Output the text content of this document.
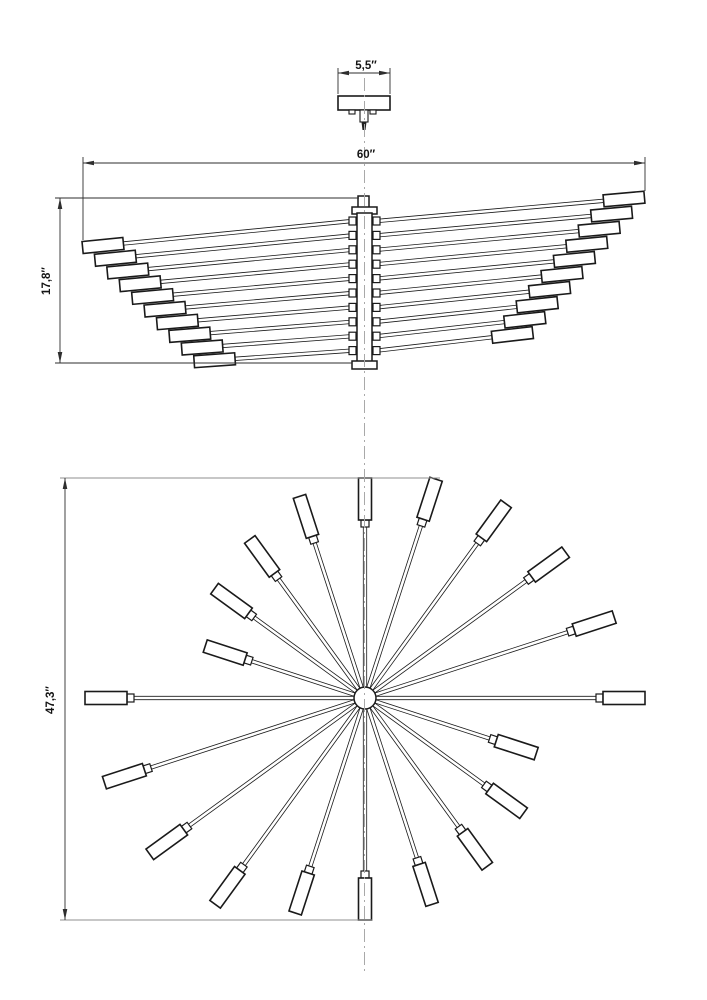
5,5″
60″
17,8″
47,3″
